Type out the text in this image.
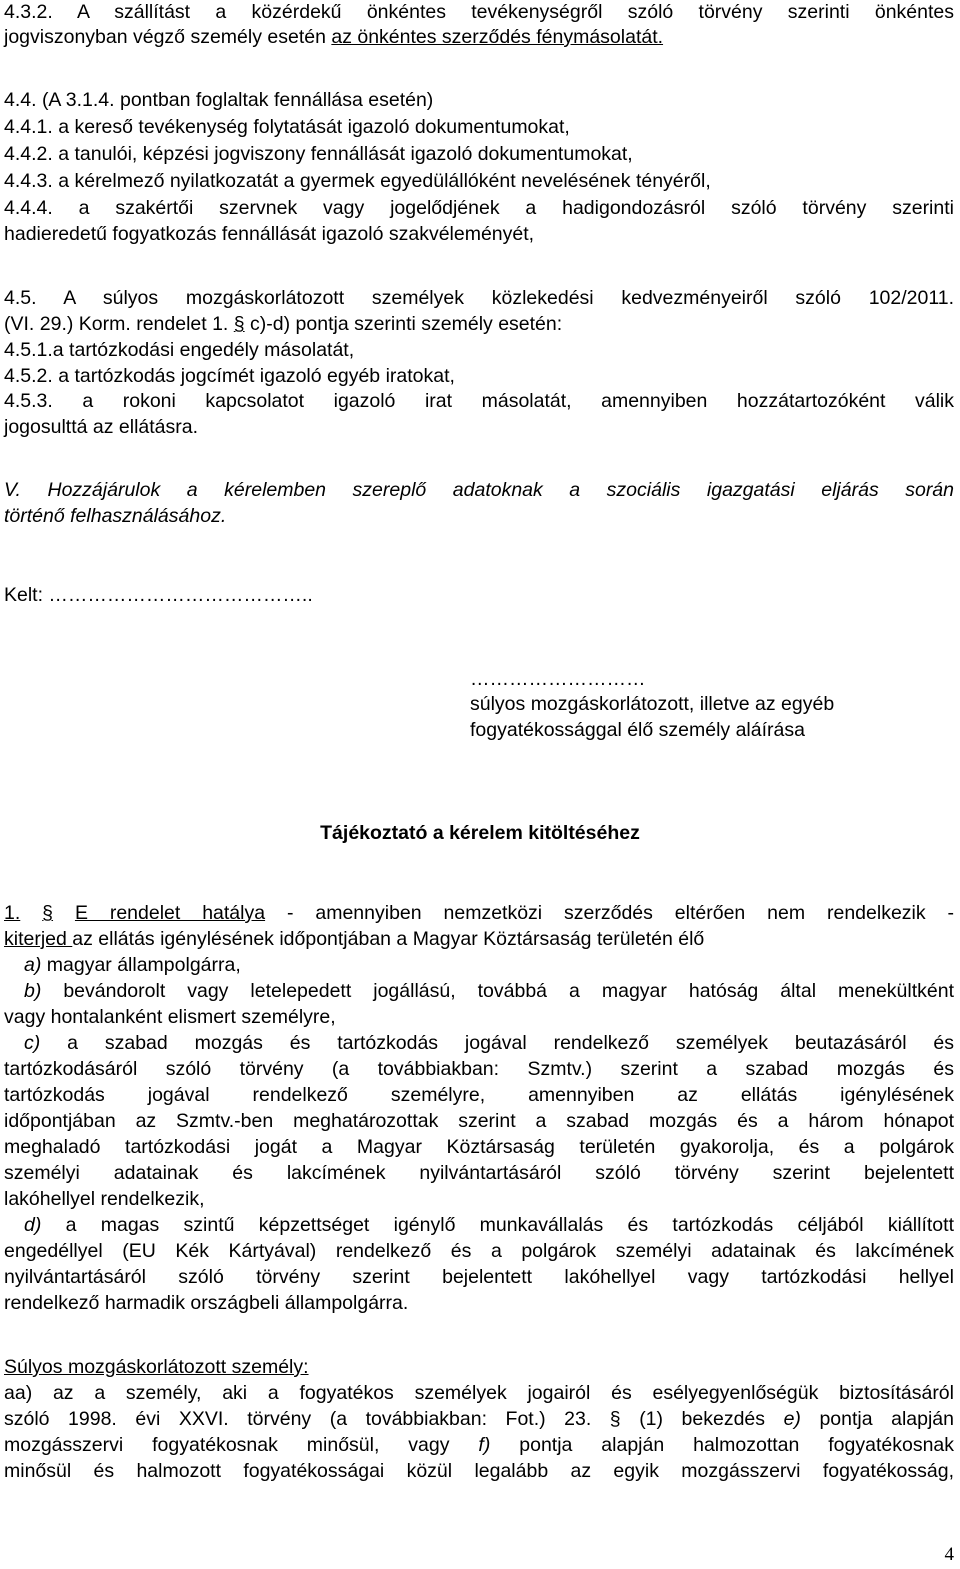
4.3.2. A szállítást a közérdekű önkéntes tevékenységről szóló törvény szerinti önkéntes
jogviszonyban végző személy esetén az önkéntes szerződés fénymásolatát.
4.4. (A 3.1.4. pontban foglaltak fennállása esetén)
4.4.1. a kereső tevékenység folytatását igazoló dokumentumokat,
4.4.2. a tanulói, képzési jogviszony fennállását igazoló dokumentumokat,
4.4.3. a kérelmező nyilatkozatát a gyermek egyedülállóként nevelésének tényéről,
4.4.4. a szakértői szervnek vagy jogelődjének a hadigondozásról szóló törvény szerinti
hadieredetű fogyatkozás fennállását igazoló szakvéleményét,
4.5. A súlyos mozgáskorlátozott személyek közlekedési kedvezményeiről szóló 102/2011.
(VI. 29.) Korm. rendelet 1. § c)-d) pontja szerinti személy esetén:
4.5.1.a tartózkodási engedély másolatát,
4.5.2. a tartózkodás jogcímét igazoló egyéb iratokat,
4.5.3. a rokoni kapcsolatot igazoló irat másolatát, amennyiben hozzátartozóként válik
jogosulttá az ellátásra.
V. Hozzájárulok a kérelemben szereplő adatoknak a szociális igazgatási eljárás során
történő felhasználásához.
Kelt: …………………………………..
………………………
súlyos mozgáskorlátozott, illetve az egyéb
fogyatékossággal élő személy aláírása
Tájékoztató a kérelem kitöltéséhez
1. § E rendelet hatálya - amennyiben nemzetközi szerződés eltérően nem rendelkezik -
kiterjed az ellátás igénylésének időpontjában a Magyar Köztársaság területén élő
a) magyar állampolgárra,
b) bevándorolt vagy letelepedett jogállású, továbbá a magyar hatóság által menekültként
vagy hontalanként elismert személyre,
c) a szabad mozgás és tartózkodás jogával rendelkező személyek beutazásáról és
tartózkodásáról szóló törvény (a továbbiakban: Szmtv.) szerint a szabad mozgás és
tartózkodás jogával rendelkező személyre, amennyiben az ellátás igénylésének
időpontjában az Szmtv.-ben meghatározottak szerint a szabad mozgás és a három hónapot
meghaladó tartózkodási jogát a Magyar Köztársaság területén gyakorolja, és a polgárok
személyi adatainak és lakcímének nyilvántartásáról szóló törvény szerint bejelentett
lakóhellyel rendelkezik,
d) a magas szintű képzettséget igénylő munkavállalás és tartózkodás céljából kiállított
engedéllyel (EU Kék Kártyával) rendelkező és a polgárok személyi adatainak és lakcímének
nyilvántartásáról szóló törvény szerint bejelentett lakóhellyel vagy tartózkodási hellyel
rendelkező harmadik országbeli állampolgárra.
Súlyos mozgáskorlátozott személy:
aa) az a személy, aki a fogyatékos személyek jogairól és esélyegyenlőségük biztosításáról
szóló 1998. évi XXVI. törvény (a továbbiakban: Fot.) 23. § (1) bekezdés e) pontja alapján
mozgásszervi fogyatékosnak minősül, vagy f) pontja alapján halmozottan fogyatékosnak
minősül és halmozott fogyatékosságai közül legalább az egyik mozgásszervi fogyatékosság,
4
